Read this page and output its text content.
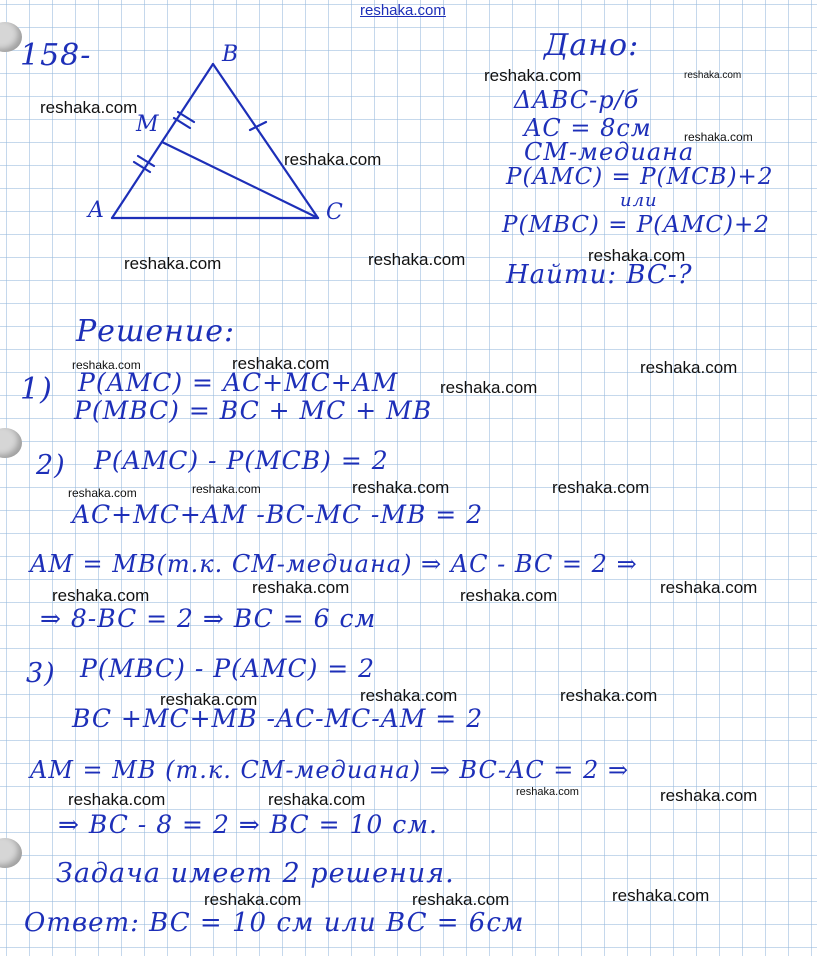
reshaka.com
158-
A
B
C
M
Дано:
ΔABC-р/б
AC = 8см
CM-медиана
P(AMC) = P(MCB)+2
или
P(MBC) = P(AMC)+2
Найти: BC-?
Решение:
1) P(AMC) = AC+MC+AM
P(MBC) = BC + MC + MB
2) P(AMC) - P(MCB) = 2
AC+MC+AM -BC-MC -MB = 2
AM = MB(т.к. CM-медиана) ⇒ AC - BC = 2 ⇒
⇒ 8-BC = 2 ⇒ BC = 6 см
3) P(MBC) - P(AMC) = 2
BC +MC+MB -AC-MC-AM = 2
AM = MB (т.к. CM-медиана) ⇒ BC-AC = 2 ⇒
⇒ BC - 8 = 2 ⇒ BC = 10 см.
Задача имеет 2 решения.
Ответ: BC = 10 см или BC = 6см
reshaka.com	reshaka.com
reshaka.com
reshaka.com
reshaka.com
reshaka.com
reshaka.com	reshaka.com
reshaka.com	reshaka.com	reshaka.com
reshaka.com
reshaka.com	reshaka.com	reshaka.com	reshaka.com
reshaka.com	reshaka.com
reshaka.com	reshaka.com
reshaka.com	reshaka.com	reshaka.com
reshaka.com
reshaka.com	reshaka.com	reshaka.com
reshaka.com
reshaka.com	reshaka.com
